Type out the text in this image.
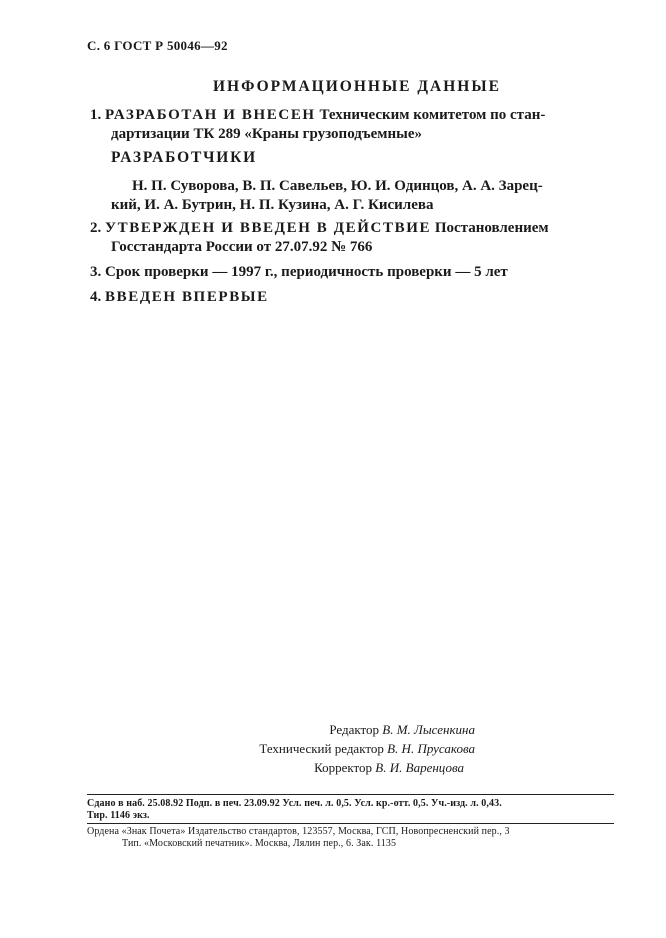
С. 6 ГОСТ Р 50046—92
ИНФОРМАЦИОННЫЕ ДАННЫЕ
1. РАЗРАБОТАН И ВНЕСЕН Техническим комитетом по стан-
дартизации ТК 289 «Краны грузоподъемные»
РАЗРАБОТЧИКИ
Н. П. Суворова, В. П. Савельев, Ю. И. Одинцов, А. А. Зарец-
кий, И. А. Бутрин, Н. П. Кузина, А. Г. Кисилева
2. УТВЕРЖДЕН И ВВЕДЕН В ДЕЙСТВИЕ Постановлением
Госстандарта России от 27.07.92 № 766
3. Срок проверки — 1997 г., периодичность проверки — 5 лет
4. ВВЕДЕН ВПЕРВЫЕ
Редактор В. М. Лысенкина
Технический редактор В. Н. Прусакова
Корректор В. И. Варенцова
Сдано в наб. 25.08.92 Подп. в печ. 23.09.92 Усл. печ. л. 0,5. Усл. кр.-отт. 0,5. Уч.-изд. л. 0,43.
Тир. 1146 экз.
Ордена «Знак Почета» Издательство стандартов, 123557, Москва, ГСП, Новопресненский пер., 3
Тип. «Московский печатник». Москва, Лялин пер., 6. Зак. 1135
